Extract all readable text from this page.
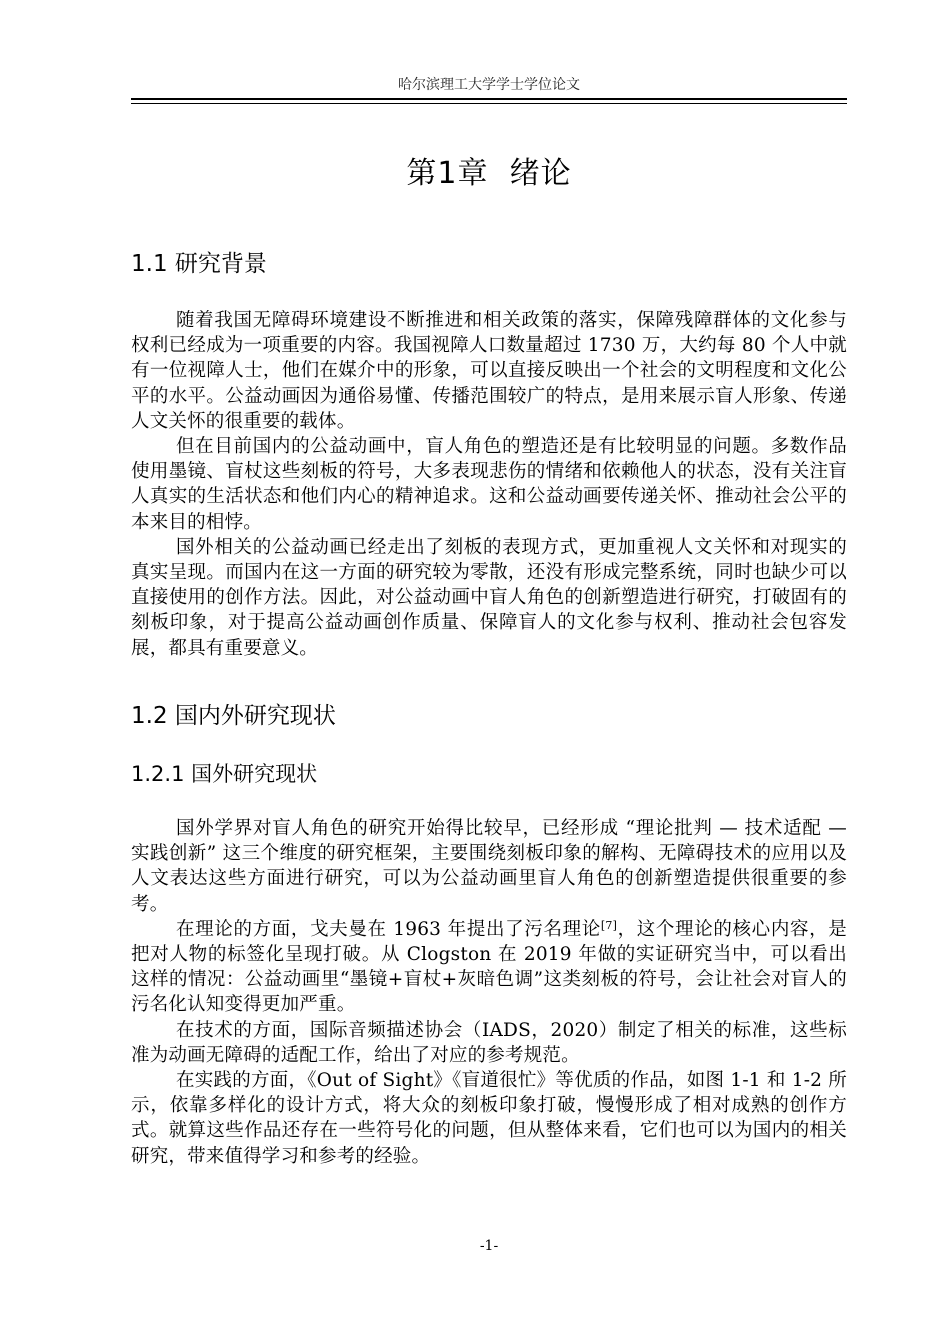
哈尔滨理工大学学士学位论文
第1章  绪论
1.1 研究背景

随着我国无障碍环境建设不断推进和相关政策的落实，保障残障群体的文化参与权利已经成为一项重要的内容。我国视障人口数量超过 1730 万，大约每 80 个人中就有一位视障人士，他们在媒介中的形象，可以直接反映出一个社会的文明程度和文化公平的水平。公益动画因为通俗易懂、传播范围较广的特点，是用来展示盲人形象、传递人文关怀的很重要的载体。

但在目前国内的公益动画中，盲人角色的塑造还是有比较明显的问题。多数作品使用墨镜、盲杖这些刻板的符号，大多表现悲伤的情绪和依赖他人的状态，没有关注盲人真实的生活状态和他们内心的精神追求。这和公益动画要传递关怀、推动社会公平的本来目的相悖。

国外相关的公益动画已经走出了刻板的表现方式，更加重视人文关怀和对现实的真实呈现。而国内在这一方面的研究较为零散，还没有形成完整系统，同时也缺少可以直接使用的创作方法。因此，对公益动画中盲人角色的创新塑造进行研究，打破固有的刻板印象，对于提高公益动画创作质量、保障盲人的文化参与权利、推动社会包容发展，都具有重要意义。

1.2 国内外研究现状
1.2.1 国外研究现状

国外学界对盲人角色的研究开始得比较早，已经形成 “理论批判 — 技术适配 — 实践创新” 这三个维度的研究框架，主要围绕刻板印象的解构、无障碍技术的应用以及人文表达这些方面进行研究，可以为公益动画里盲人角色的创新塑造提供很重要的参考。

在理论的方面，戈夫曼在 1963 年提出了污名理论[7]，这个理论的核心内容，是把对人物的标签化呈现打破。从 Clogston 在 2019 年做的实证研究当中，可以看出这样的情况：公益动画里“墨镜+盲杖+灰暗色调”这类刻板的符号，会让社会对盲人的污名化认知变得更加严重。

在技术的方面，国际音频描述协会（IADS，2020）制定了相关的标准，这些标准为动画无障碍的适配工作，给出了对应的参考规范。

在实践的方面，《Out of Sight》《盲道很忙》等优质的作品，如图 1-1 和 1-2 所示，依靠多样化的设计方式，将大众的刻板印象打破，慢慢形成了相对成熟的创作方式。就算这些作品还存在一些符号化的问题，但从整体来看，它们也可以为国内的相关研究，带来值得学习和参考的经验。

-1-
